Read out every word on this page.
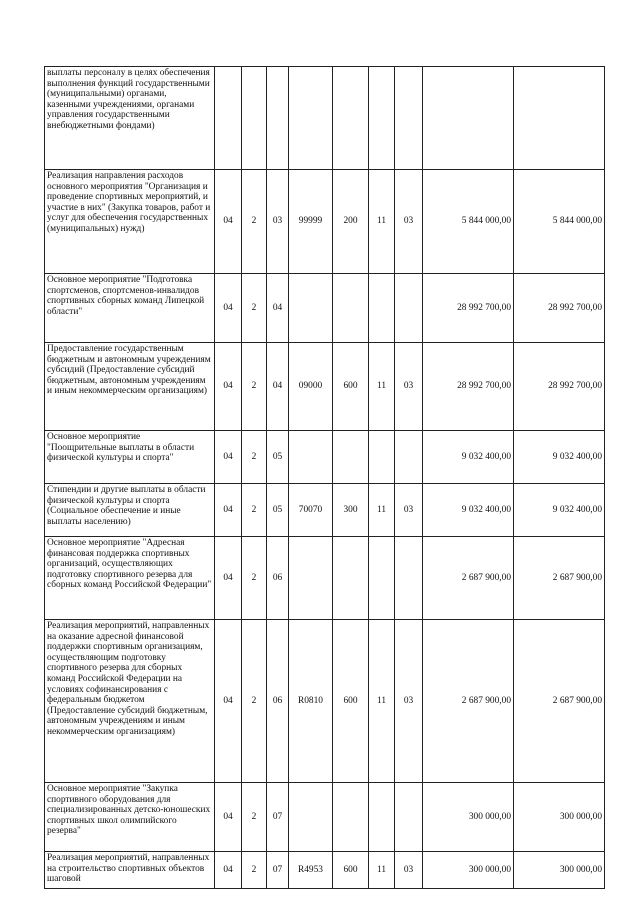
выплаты персоналу в целях обеспечения выполнения функций государственными (муниципальными) органами, казенными учреждениями, органами управления государственными внебюджетными фондами)									
Реализация направления расходов основного мероприятия "Организация и проведение спортивных мероприятий, и участие в них" (Закупка товаров, работ и услуг для обеспечения государственных (муниципальных) нужд)	04	2	03	99999	200	11	03	5 844 000,00	5 844 000,00
Основное мероприятие "Подготовка спортсменов, спортсменов-инвалидов спортивных сборных команд Липецкой области"	04	2	04					28 992 700,00	28 992 700,00
Предоставление государственным бюджетным и автономным учреждениям субсидий (Предоставление субсидий бюджетным, автономным учреждениям и иным некоммерческим организациям)	04	2	04	09000	600	11	03	28 992 700,00	28 992 700,00
Основное мероприятие "Поощрительные выплаты в области физической культуры и спорта"	04	2	05					9 032 400,00	9 032 400,00
Стипендии и другие выплаты в области физической культуры и спорта (Социальное обеспечение и иные выплаты населению)	04	2	05	70070	300	11	03	9 032 400,00	9 032 400,00
Основное мероприятие "Адресная финансовая поддержка спортивных организаций, осуществляющих подготовку спортивного резерва для сборных команд Российской Федерации"	04	2	06					2 687 900,00	2 687 900,00
Реализация мероприятий, направленных на оказание адресной финансовой поддержки спортивным организациям, осуществляющим подготовку спортивного резерва для сборных команд Российской Федерации на условиях софинансирования с федеральным бюджетом (Предоставление субсидий бюджетным, автономным учреждениям и иным некоммерческим организациям)	04	2	06	R0810	600	11	03	2 687 900,00	2 687 900,00
Основное мероприятие "Закупка спортивного оборудования для специализированных детско-юношеских спортивных школ олимпийского резерва"	04	2	07					300 000,00	300 000,00

Реализация мероприятий, направленных на строительство спортивных объектов шаговой	04	2	07	R4953	600	11	03	300 000,00	300 000,00
